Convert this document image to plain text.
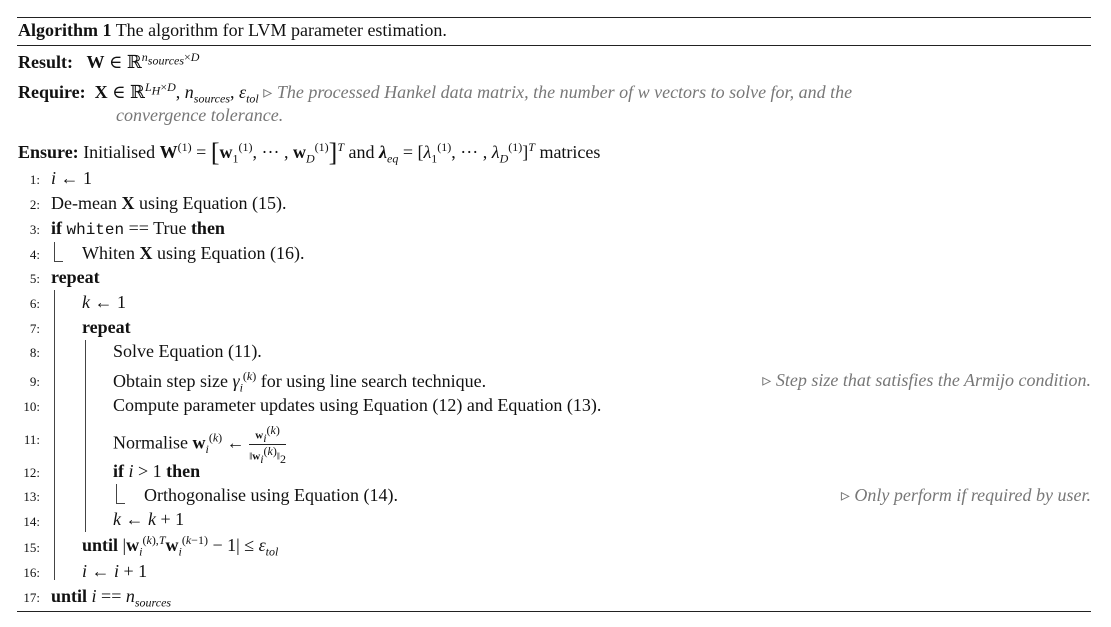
Algorithm 1 The algorithm for LVM parameter estimation.
Result: W ∈ ℝ$^{n_{sources}\times D}$
Require: X ∈ ℝ$^{L_H\times D}$, $n_{sources}$, $\varepsilon_{tol}$ ▹ The processed Hankel data matrix, the number of w vectors to solve for, and the
convergence tolerance.
Ensure: Initialised $W^{(1)} = [w_1^{(1)}$, ··· , $w_D^{(1)}]^T$ and $\lambda_{eq} = [\lambda_1^{(1)}$, ··· , $\lambda_D^{(1)}]^T$ matrices
1: i ← 1
2: De-mean X using Equation (15).
3: if whiten == True then
4: Whiten X using Equation (16).
5: repeat
6: k ← 1
7: repeat
8:	Solve Equation (11).
9:	Obtain step size $\gamma_i^{(k)}$ for using line search technique.	▹ Step size that satisfies the Armijo condition.
10:	Compute parameter updates using Equation (12) and Equation (13).
11:	Normalise $w_i^{(k)}$ ← $\frac{w_i^{(k)}}{‖w_i^{(k)}‖_2}$
12:	if i > 1 then
13:	Orthogonalise using Equation (14).	▹ Only perform if required by user.
14:	k ← k + 1
15: until $|w_i^{(k),T}w_i^{(k-1)} - 1| \le \varepsilon_{tol}$
16: i ← i + 1
17: until $i == n_{sources}$
